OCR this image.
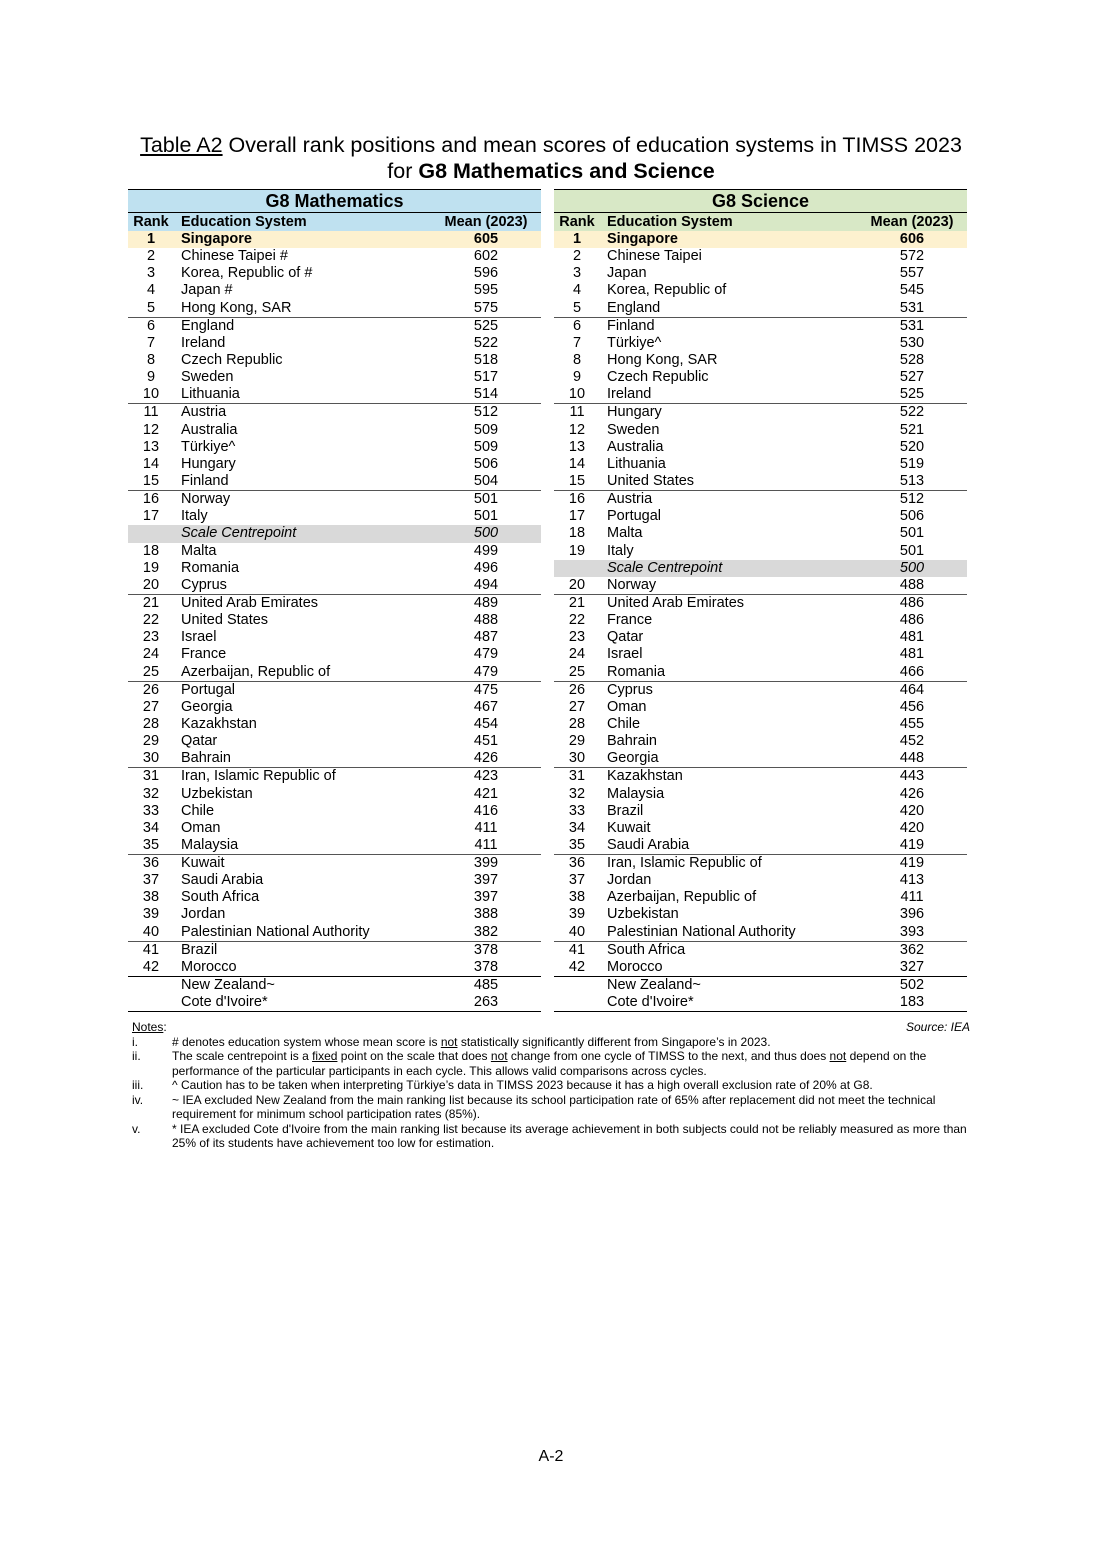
Table A2 Overall rank positions and mean scores of education systems in TIMSS 2023 for G8 Mathematics and Science
G8 Mathematics
Rank Education System	Mean (2023)
1	Singapore	605
2	Chinese Taipei #	602
3	Korea, Republic of #	596
4	Japan #	595
5	Hong Kong, SAR	575
6	England	525
7	Ireland	522
8	Czech Republic	518
9	Sweden	517
10	Lithuania	514
11	Austria	512
12	Australia	509
13	Türkiye^	509
14	Hungary	506
15	Finland	504
16	Norway	501
17	Italy	501
Scale Centrepoint	500
18	Malta	499
19	Romania	496
20	Cyprus	494
21	United Arab Emirates	489
22	United States	488
23	Israel	487
24	France	479
25	Azerbaijan, Republic of	479
26	Portugal	475
27	Georgia	467
28	Kazakhstan	454
29	Qatar	451
30	Bahrain	426
31	Iran, Islamic Republic of	423
32	Uzbekistan	421
33	Chile	416
34	Oman	411
35	Malaysia	411
36	Kuwait	399
37	Saudi Arabia	397
38	South Africa	397
39	Jordan	388
40	Palestinian National Authority	382
41	Brazil	378
42	Morocco	378
New Zealand~	485
Cote d'Ivoire*	263
G8 Science
Rank Education System	Mean (2023)
1	Singapore	606
2	Chinese Taipei	572
3	Japan	557
4	Korea, Republic of	545
5	England	531
6	Finland	531
7	Türkiye^	530
8	Hong Kong, SAR	528
9	Czech Republic	527
10	Ireland	525
11	Hungary	522
12	Sweden	521
13	Australia	520
14	Lithuania	519
15	United States	513
16	Austria	512
17	Portugal	506
18	Malta	501
19	Italy	501
Scale Centrepoint	500
20	Norway	488
21	United Arab Emirates	486
22	France	486
23	Qatar	481
24	Israel	481
25	Romania	466
26	Cyprus	464
27	Oman	456
28	Chile	455
29	Bahrain	452
30	Georgia	448
31	Kazakhstan	443
32	Malaysia	426
33	Brazil	420
34	Kuwait	420
35	Saudi Arabia	419
36	Iran, Islamic Republic of	419
37	Jordan	413
38	Azerbaijan, Republic of	411
39	Uzbekistan	396
40	Palestinian National Authority	393
41	South Africa	362
42	Morocco	327
New Zealand~	502
Cote d'Ivoire*	183
Notes:	Source: IEA
i.	# denotes education system whose mean score is not statistically significantly different from Singapore’s in 2023.
ii.	The scale centrepoint is a fixed point on the scale that does not change from one cycle of TIMSS to the next, and thus does not depend on the performance of the particular participants in each cycle. This allows valid comparisons across cycles.
iii.	^ Caution has to be taken when interpreting Türkiye’s data in TIMSS 2023 because it has a high overall exclusion rate of 20% at G8.
iv.	~ IEA excluded New Zealand from the main ranking list because its school participation rate of 65% after replacement did not meet the technical requirement for minimum school participation rates (85%).
v.	* IEA excluded Cote d'Ivoire from the main ranking list because its average achievement in both subjects could not be reliably measured as more than 25% of its students have achievement too low for estimation.
A-2
